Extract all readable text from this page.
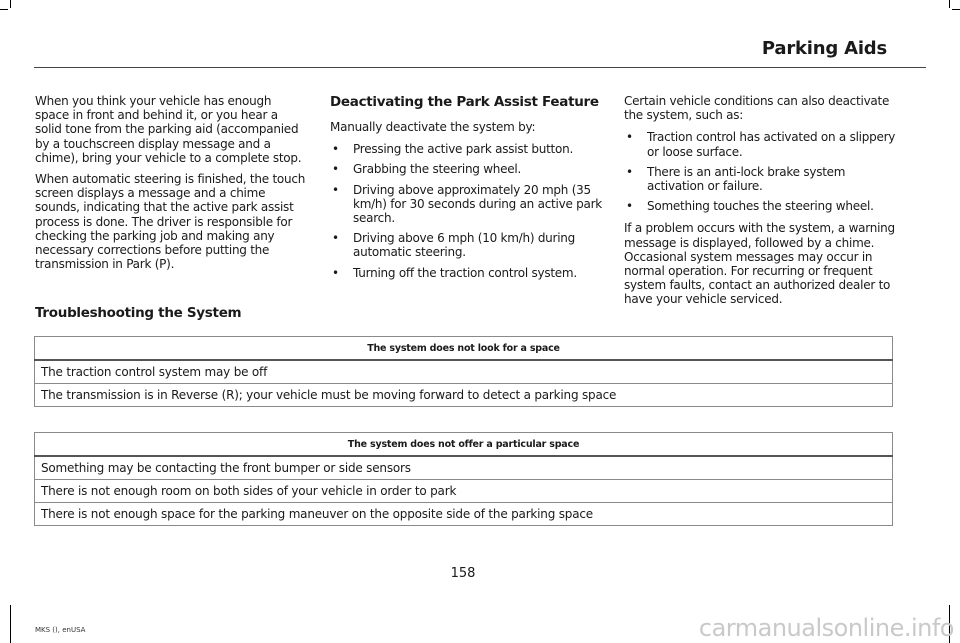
Parking Aids

When you think your vehicle has enough space in front and behind it, or you hear a solid tone from the parking aid (accompanied by a touchscreen display message and a chime), bring your vehicle to a complete stop.

When automatic steering is finished, the touch screen displays a message and a chime sounds, indicating that the active park assist process is done. The driver is responsible for checking the parking job and making any necessary corrections before putting the transmission in Park (P).

Deactivating the Park Assist Feature

Manually deactivate the system by:

• Pressing the active park assist button.
• Grabbing the steering wheel.
• Driving above approximately 20 mph (35 km/h) for 30 seconds during an active park search.
• Driving above 6 mph (10 km/h) during automatic steering.
• Turning off the traction control system.

Certain vehicle conditions can also deactivate the system, such as:

• Traction control has activated on a slippery or loose surface.
• There is an anti-lock brake system activation or failure.
• Something touches the steering wheel.

If a problem occurs with the system, a warning message is displayed, followed by a chime. Occasional system messages may occur in normal operation. For recurring or frequent system faults, contact an authorized dealer to have your vehicle serviced.

Troubleshooting the System
The system does not look for a space
The traction control system may be off
The transmission is in Reverse (R); your vehicle must be moving forward to detect a parking space
The system does not offer a particular space
Something may be contacting the front bumper or side sensors
There is not enough room on both sides of your vehicle in order to park
There is not enough space for the parking maneuver on the opposite side of the parking space
158
MKS (), enUSA	carmanualsonline.info
